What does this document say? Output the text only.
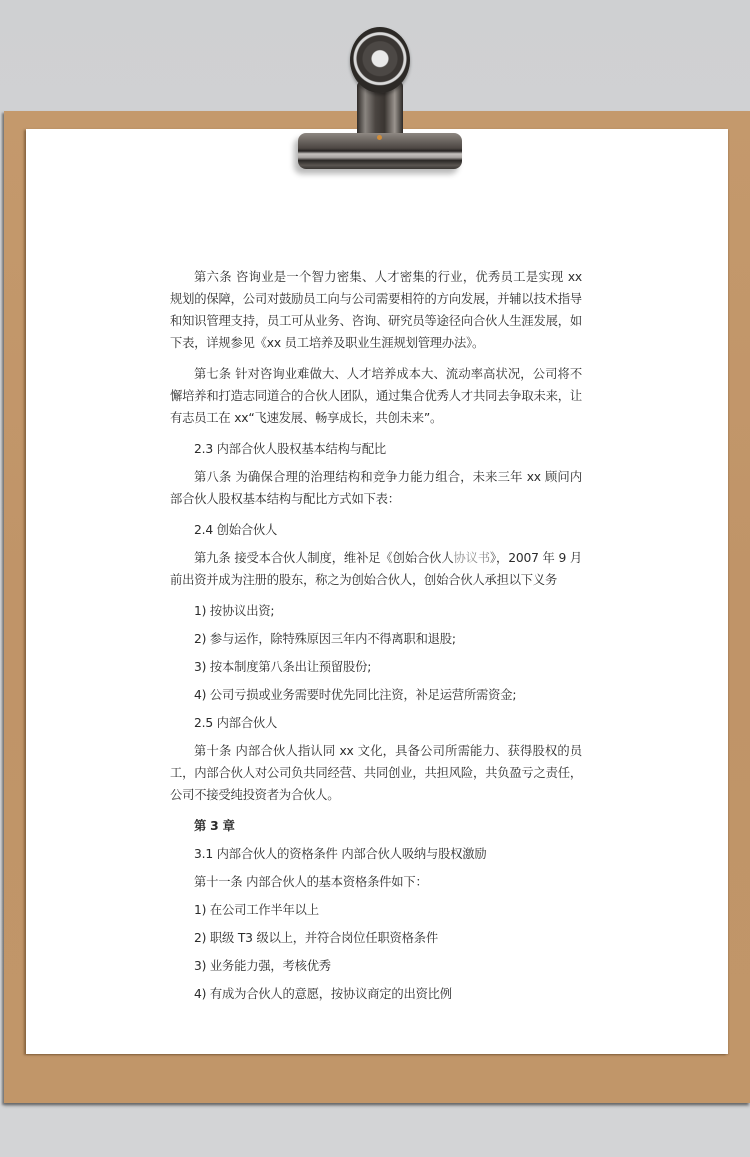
第六条 咨询业是一个智力密集、人才密集的行业，优秀员工是实现 xx 规划的保障，公司对鼓励员工向与公司需要相符的方向发展，并辅以技术指导和知识管理支持，员工可从业务、咨询、研究员等途径向合伙人生涯发展，如下表，详规参见《xx 员工培养及职业生涯规划管理办法》。

第七条 针对咨询业难做大、人才培养成本大、流动率高状况，公司将不懈培养和打造志同道合的合伙人团队，通过集合优秀人才共同去争取未来，让有志员工在 xx“飞速发展、畅享成长，共创未来”。

2.3 内部合伙人股权基本结构与配比

第八条 为确保合理的治理结构和竞争力能力组合，未来三年 xx 顾问内部合伙人股权基本结构与配比方式如下表：

2.4 创始合伙人

第九条 接受本合伙人制度，维补足《创始合伙人协议书》，2007 年 9 月前出资并成为注册的股东，称之为创始合伙人，创始合伙人承担以下义务

1) 按协议出资;

2) 参与运作，除特殊原因三年内不得离职和退股;

3) 按本制度第八条出让预留股份;

4) 公司亏损或业务需要时优先同比注资，补足运营所需资金;

2.5 内部合伙人

第十条 内部合伙人指认同 xx 文化，具备公司所需能力、获得股权的员工，内部合伙人对公司负共同经营、共同创业，共担风险，共负盈亏之责任，公司不接受纯投资者为合伙人。

第 3 章

3.1 内部合伙人的资格条件 内部合伙人吸纳与股权激励

第十一条 内部合伙人的基本资格条件如下：

1) 在公司工作半年以上

2) 职级 T3 级以上，并符合岗位任职资格条件

3) 业务能力强，考核优秀

4) 有成为合伙人的意愿，按协议商定的出资比例
